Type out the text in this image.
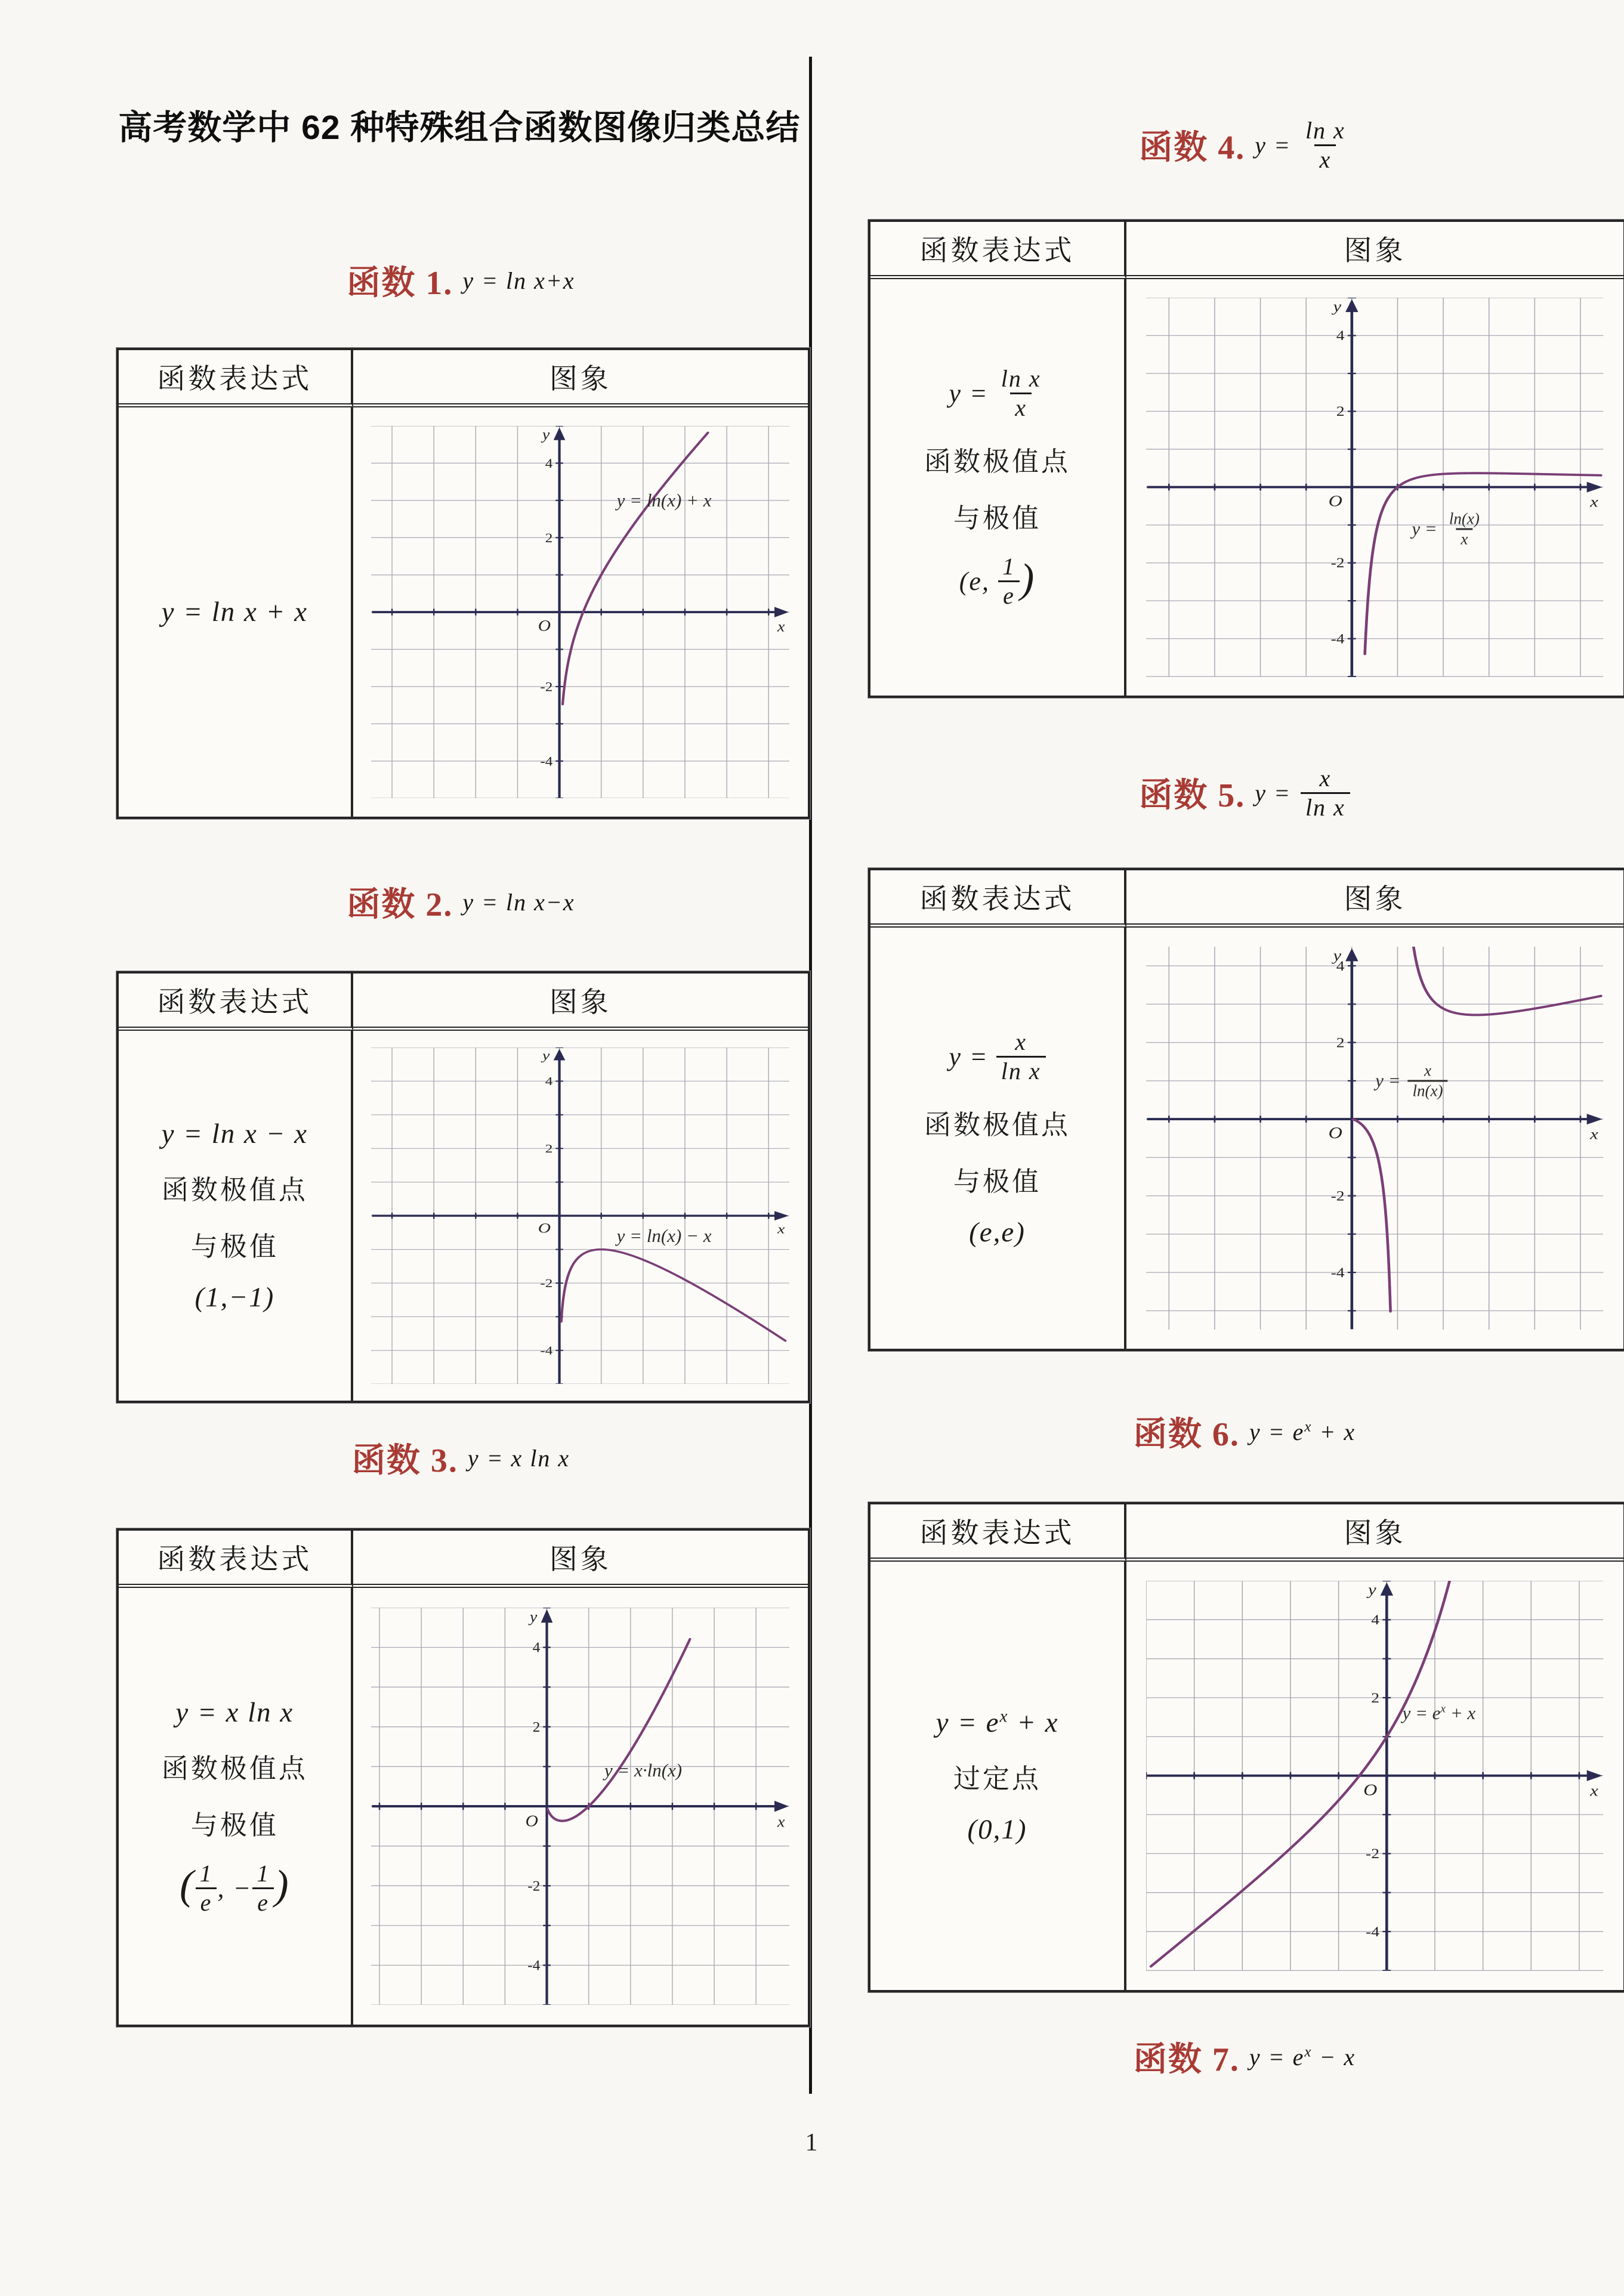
高考数学中 62 种特殊组合函数图像归类总结
函数 1. y = ln x+x
函数表达式	图象
y = ln x + x
4
2
-2
-4
O
y
x
y = ln(x) + x
函数 2. y = ln x−x
函数表达式	图象
y = ln x − x
函数极值点
与极值
(1,−1)
4
2
-2
-4
O
y
x
y = ln(x) − x
函数 3. y = x ln x
函数表达式	图象
y = x ln x
函数极值点
与极值
( $\frac{1}{e}$ , − $\frac{1}{e}$ )
4
2
-2
-4
O
y
x
y = x·ln(x)
函数 4. $y = \frac{\text{ln x}}{x}$
函数表达式	图象
y =
$\frac{\text{ln x}}{x}$
函数极值点
与极值
(e,
$\frac{1}{e}$ )
4
2
-2
-4
O
y
x
$y = \frac{\ln(x)}{x}$
函数 5. $y = \frac{x}{\text{ln x}}$
函数表达式	图象
y =
$\frac{x}{\text{ln x}}$
函数极值点
与极值
(e,e)
4
2
-2
-4
O
y
x
$y = \frac{x}{\ln(x)}$
函数 6. $y = e^x + x$
函数表达式	图象
$y = e^x + x$
过定点
(0,1)
4
2
-2
-4
O
y
x
$y = e^x + x$
函数 7. $y = e^x - x$
1
